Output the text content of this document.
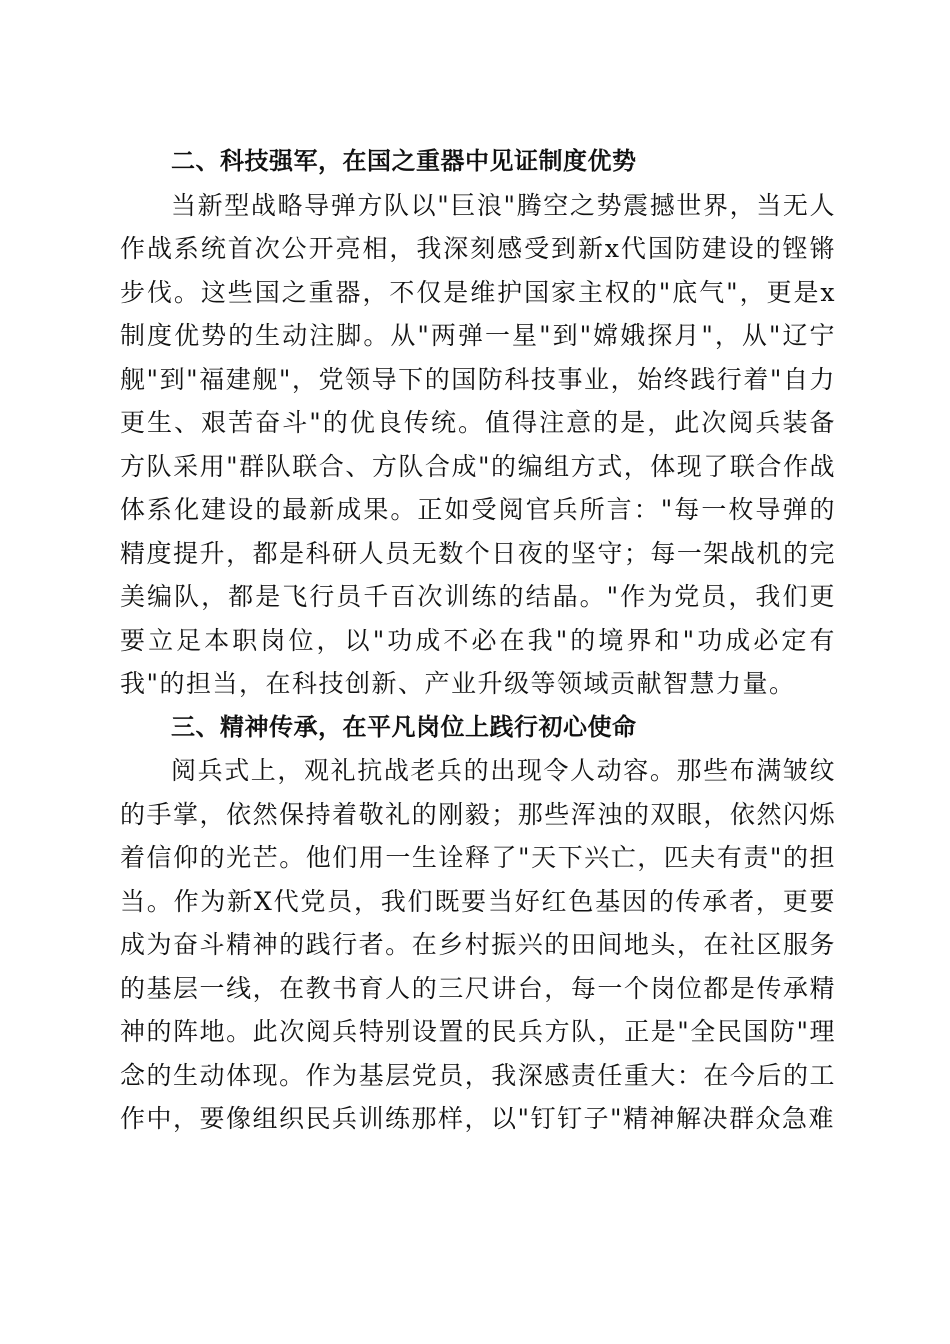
二、科技强军，在国之重器中见证制度优势

当新型战略导弹方队以"巨浪"腾空之势震撼世界，当无人作战系统首次公开亮相，我深刻感受到新x代国防建设的铿锵步伐。这些国之重器，不仅是维护国家主权的"底气"，更是x制度优势的生动注脚。从"两弹一星"到"嫦娥探月"，从"辽宁舰"到"福建舰"，党领导下的国防科技事业，始终践行着"自力更生、艰苦奋斗"的优良传统。值得注意的是，此次阅兵装备方队采用"群队联合、方队合成"的编组方式，体现了联合作战体系化建设的最新成果。正如受阅官兵所言："每一枚导弹的精度提升，都是科研人员无数个日夜的坚守；每一架战机的完美编队，都是飞行员千百次训练的结晶。"作为党员，我们更要立足本职岗位，以"功成不必在我"的境界和"功成必定有我"的担当，在科技创新、产业升级等领域贡献智慧力量。

三、精神传承，在平凡岗位上践行初心使命

阅兵式上，观礼抗战老兵的出现令人动容。那些布满皱纹的手掌，依然保持着敬礼的刚毅；那些浑浊的双眼，依然闪烁着信仰的光芒。他们用一生诠释了"天下兴亡，匹夫有责"的担当。作为新X代党员，我们既要当好红色基因的传承者，更要成为奋斗精神的践行者。在乡村振兴的田间地头，在社区服务的基层一线，在教书育人的三尺讲台，每一个岗位都是传承精神的阵地。此次阅兵特别设置的民兵方队，正是"全民国防"理念的生动体现。作为基层党员，我深感责任重大：在今后的工作中，要像组织民兵训练那样，以"钉钉子"精神解决群众急难
